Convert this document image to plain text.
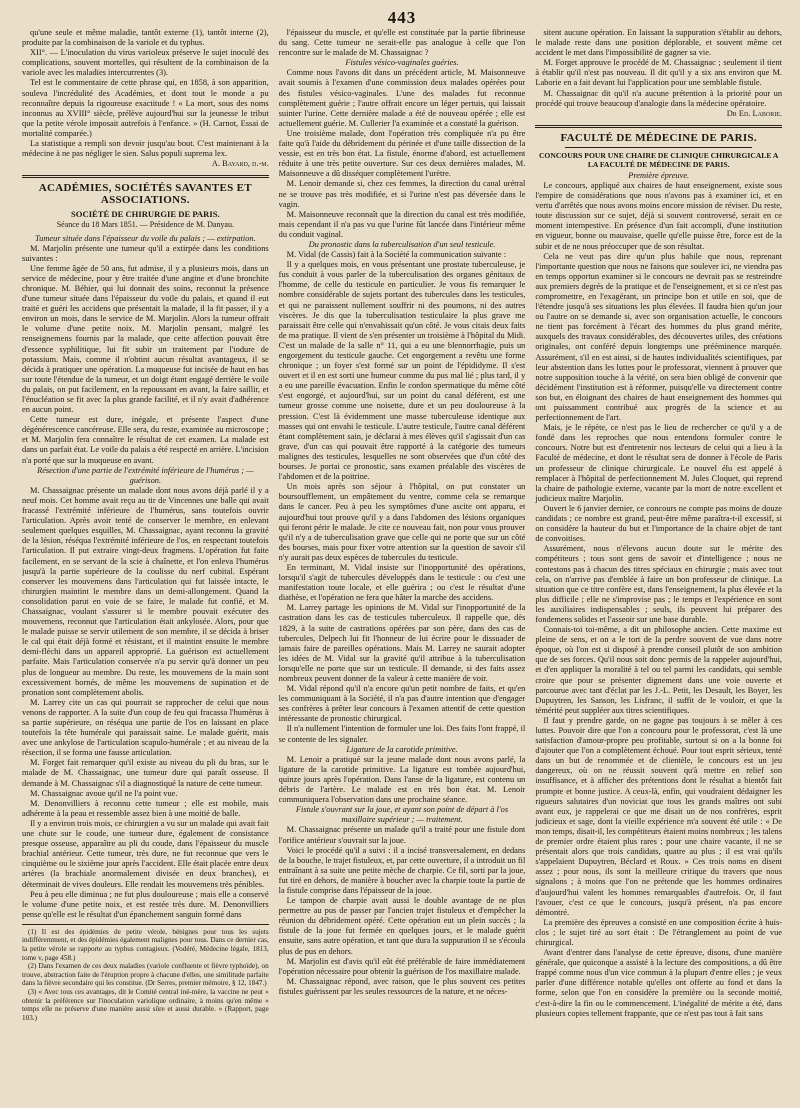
443

qu'une seule et même maladie, tantôt externe (1), tantôt interne (2), produite par la combinaison de la variole et du typhus.

XII°. — L'inoculation du virus varioleux préserve le sujet inoculé des complications, souvent mortelles, qui résultent de la combinaison de la variole avec les maladies intercurrentes (3).

Tel est le commentaire de cette phrase qui, en 1858, à son apparition, souleva l'incrédulité des Académies, et dont tout le monde a pu reconnaître depuis la rigoureuse exactitude ! « La mort, sous des noms inconnus au XVIII° siècle, prélève aujourd'hui sur la jeunesse le tribut que la petite vérole imposait autrefois à l'enfance. » (H. Carnot, Essai de mortalité comparée.)

La statistique a rempli son devoir jusqu'au bout. C'est maintenant à la médecine à ne pas négliger le sien. Salus populi suprema lex.

A. Bayard, d.-m.

ACADÉMIES, SOCIÉTÉS SAVANTES ET ASSOCIATIONS.
SOCIÉTÉ DE CHIRURGIE DE PARIS.
Séance du 18 Mars 1851. — Présidence de M. Danyau.

Tumeur située dans l'épaisseur du voile du palais ; — extirpation.

M. Marjolin présente une tumeur qu'il a extirpée dans les conditions suivantes :

Une femme âgée de 50 ans, fut admise, il y a plusieurs mois, dans un service de médecine, pour y être traitée d'une angine et d'une bronchite chronique. M. Béhier, qui lui donnait des soins, reconnut la présence d'une tumeur située dans l'épaisseur du voile du palais, et quand il eut traité et guéri les accidens que présentait la malade, il la fit passer, il y a environ un mois, dans le service de M. Marjolin. Alors la tumeur offrait le volume d'une petite noix. M. Marjolin pensant, malgré les renseignemens fournis par la malade, que cette affection pouvait être d'essence syphilitique, lui fit subir un traitement par l'iodure de potassium. Mais, comme il n'obtint aucun résultat avantageux, il se décida à pratiquer une opération. La muqueuse fut incisée de haut en bas sur toute l'étendue de la tumeur, et un doigt étant engagé derrière le voile du palais, on put facilement, en la repoussant en avant, la faire saillir, et l'énucléation se fit avec la plus grande facilité, et il n'y avait d'adhérence en aucun point.

Cette tumeur est dure, inégale, et présente l'aspect d'une dégénérescence cancéreuse. Elle sera, du reste, examinée au microscope ; et M. Marjolin fera connaître le résultat de cet examen. La malade est dans un parfait état. Le voile du palais a été respecté en arrière. L'incision n'a porté que sur la muqueuse en avant.

Résection d'une partie de l'extrémité inférieure de l'humérus ; — guérison.

M. Chassaignac présente un malade dont nous avons déjà parlé il y a neuf mois. Cet homme avait reçu au tir de Vincennes une balle qui avait fracassé l'extrémité inférieure de l'humérus, sans toutefois ouvrir l'articulation. Après avoir tenté de conserver le membre, en enlevant seulement quelques esquilles, M. Chassaignac, ayant reconnu la gravité de la lésion, réséqua l'extrémité inférieure de l'os, en respectant toutefois l'articulation. Il put extraire vingt-deux fragmens. L'opération fut faite facilement, en se servant de la scie à chaînette, et l'on enleva l'humérus jusqu'à la partie supérieure de la coulisse du nerf cubital. Espérant conserver les mouvemens dans l'articulation qui fut laissée intacte, le chirurgien maintint le membre dans un demi-allongement. Quand la consolidation parut en voie de se faire, le malade fut confié, et M. Chassaignac, voulant s'assurer si le membre pouvait exécuter des mouvemens, reconnut que l'articulation était ankylosée. Alors, pour que le malade puisse se servir utilement de son membre, il se décida à briser le cal qui était déjà formé et résistant, et il maintint ensuite le membre demi-fléchi dans un appareil approprié. La guérison est actuellement parfaite. Mais l'articulation conservée n'a pu servir qu'à donner un peu plus de longueur au membre. Du reste, les mouvemens de la main sont excessivement bornés, de même les mouvemens de supination et de pronation sont complètement abolis.

M. Larrey cite un cas qui pourrait se rapprocher de celui que nous venons de rapporter. A la suite d'un coup de feu qui fracassa l'humérus à sa partie supérieure, on réséqua une partie de l'os en laissant en place toutefois la tête humérale qui paraissait saine. Le malade guérit, mais avec une ankylose de l'articulation scapulo-humérale ; et au niveau de la résection, il se forma une fausse articulation.

M. Forget fait remarquer qu'il existe au niveau du pli du bras, sur le malade de M. Chassaignac, une tumeur dure qui paraît osseuse. Il demande à M. Chassaignac s'il a diagnostiqué la nature de cette tumeur.

M. Chassaignac avoue qu'il ne l'a point vue.

M. Denonvilliers à reconnu cette tumeur ; elle est mobile, mais adhérente à la peau et ressemble assez bien à une moitié de balle.

Il y a environ trois mois, ce chirurgien a vu sur un malade qui avait fait une chute sur le coude, une tumeur dure, également de consistance presque osseuse, apparaître au pli du coude, dans l'épaisseur du muscle brachial antérieur. Cette tumeur, très dure, ne fut reconnue que vers le cinquième ou le sixième jour après l'accident. Elle était placée entre deux artères (la brachiale anormalement divisée en deux branches), et déterminait de vives douleurs. Elle rendait les mouvemens très pénibles.

Peu à peu elle diminua ; ne fut plus douloureuse ; mais elle a conservé le volume d'une petite noix, et est restée très dure. M. Denonvilliers pense qu'elle est le résultat d'un épanchement sanguin formé dans

(1) Il est des épidémies de petite vérole, bénignes pour tous les sujets indifféremment, et des épidémies également malignes pour tous. Dans ce dernier cas, la petite vérole se rapporte au typhus contagieux. (Vodéré, Médecine légale, 1813, tome v, page 458.)

(2) Dans l'examen de ces deux maladies (variole confluente et fièvre typhoïde), on trouve, abstraction faite de l'éruption propre à chacune d'elles, une similitude parfaite dans la fièvre secondaire qui les constitue. (Dr Serres, premier mémoire, § 12, 1847.)

(3) « Avec tous ces avantages, dit le Comité central iné-mère, la vaccine ne peut » obtenir la préférence sur l'inoculation variolique ordinaire, à moins qu'en même » temps elle ne préserve d'une manière aussi sûre et aussi durable. » (Rapport, page 103.)

l'épaisseur du muscle, et qu'elle est constituée par la partie fibrineuse du sang. Cette tumeur ne serait-elle pas analogue à celle que l'on rencontre sur le malade de M. Chassaignac ?

Fistules vésico-vaginales guéries.

Comme nous l'avons dit dans un précédent article, M. Maisonneuve avait soumis à l'examen d'une commission deux malades opérées pour des fistules vésico-vaginales. L'une des malades fut reconnue complètement guérie ; l'autre offrait encore un léger pertuis, qui laissait suinter l'urine. Cette dernière malade a été de nouveau opérée ; elle est actuellement guérie. M. Cullerier l'a examinée et a constaté la guérison.

Une troisième malade, dont l'opération très compliquée n'a pu être faite qu'à l'aide du débridement du périnée et d'une taille dissection de la vessie, est en très bon état. La fistule, énorme d'abord, est actuellement réduite à une très petite ouverture. Sur ces deux dernières malades, M. Maisonneuve a dû disséquer complètement l'urètre.

M. Lenoir demande si, chez ces femmes, la direction du canal urétral ne se trouve pas très modifiée, et si l'urine n'est pas déversée dans le vagin.

M. Maisonneuve reconnaît que la direction du canal est très modifiée, mais cependant il n'a pas vu que l'urine fût lancée dans l'intérieur même du conduit vaginal.

Du pronostic dans la tuberculisation d'un seul testicule.

M. Vidal (de Cassis) fait à la Société la communication suivante :

Il y a quelques mois, en vous présentant une prostate tuberculeuse, je fus conduit à vous parler de la tuberculisation des organes génitaux de l'homme, de celle du testicule en particulier. Je vous fis remarquer le nombre considérable de sujets portant des tubercules dans les testicules, et qui ne paraissent nullement souffrir ni des poumons, ni des autres viscères. Je dis que la tuberculisation testiculaire la plus grave me paraissait être celle qui n'envahissait qu'un côté. Je vous citais deux faits de ma pratique. Il vient de s'en présenter un troisième à l'hôpital du Midi. C'est un malade de la salle n° 11, qui a eu une blennorrhagie, puis un engorgement du testicule gauche. Cet engorgement a revêtu une forme chronique ; un foyer s'est formé sur un point de l'épididyme. Il s'est ouvert et il en est sorti une humeur comme du pus mal lié ; plus tard, il y a eu une pareille évacuation. Enfin le cordon spermatique du même côté s'est engorgé, et aujourd'hui, sur un point du canal déférent, est une tumeur grosse comme une noisette, dure et un peu douloureuse à la pression. C'est là évidemment une masse tuberculeuse identique aux masses qui ont envahi le testicule. L'autre testicule, l'autre canal déférent étant complètement sain, je déclarai à mes élèves qu'il s'agissait d'un cas grave, d'un cas qui pouvait être rapporté à la catégorie des tumeurs malignes des testicules, lesquelles ne sont observées que d'un côté des bourses. Je portai ce pronostic, sans examen préalable des viscères de l'abdomen et de la poitrine.

Un mois après son séjour à l'hôpital, on put constater un boursoufflement, un empâtement du ventre, comme cela se remarque dans le cancer. Peu à peu les symptômes d'une ascite ont apparu, et aujourd'hui tout prouve qu'il y a dans l'abdomen des lésions organiques qui feront périr le malade. Je cite ce nouveau fait, non pour vous prouver qu'il n'y a de tuberculisation grave que celle qui ne porte que sur un côté des bourses, mais pour fixer votre attention sur la question de savoir s'il n'y aurait pas deux espèces de tubercules du testicule.

En terminant, M. Vidal insiste sur l'inopportunité des opérations, lorsqu'il s'agit de tubercules développés dans le testicule : ou c'est une manifestation toute locale, et elle guérira ; ou c'est le résultat d'une diathèse, et l'opération ne fera que hâter la marche des accidens.

M. Larrey partage les opinions de M. Vidal sur l'inopportunité de la castration dans les cas de testicules tuberculeux. Il rappelle que, dès 1829, à la suite de castrations opérées par son père, dans des cas de tubercules, Delpech lui fit l'honneur de lui écrire pour le dissuader de jamais faire de pareilles opérations. Mais M. Larrey ne saurait adopter les idées de M. Vidal sur la gravité qu'il attribue à la tuberculisation lorsqu'elle ne porte que sur un testicule. Il demande, si des faits assez nombreux peuvent donner de la valeur à cette manière de voir.

M. Vidal répond qu'il n'a encore qu'un petit nombre de faits, et qu'en les communiquant à la Société, il n'a pas d'autre intention que d'engager ses confrères à prêter leur concours à l'examen attentif de cette question intéressante de pronostic chirurgical.

Il n'a nullement l'intention de formuler une loi. Des faits l'ont frappé, il se contente de les signaler.

Ligature de la carotide primitive.

M. Lenoir a pratiqué sur la jeune malade dont nous avons parlé, la ligature de la carotide primitive. La ligature est tombée aujourd'hui, quinze jours après l'opération. Dans l'anse de la ligature, est contenu un débris de l'artère. Le malade est en très bon état. M. Lenoir communiquera l'observation dans une prochaine séance.

Fistule s'ouvrant sur la joue, et ayant son point de départ à l'os maxillaire supérieur ; — traitement.

M. Chassaignac présente un malade qu'il a traité pour une fistule dont l'orifice antérieur s'ouvrait sur la joue.

Voici le procédé qu'il a suivi : il a incisé transversalement, en dedans de la bouche, le trajet fistuleux, et, par cette ouverture, il a introduit un fil entraînant à sa suite une petite mèche de charpie. Ce fil, sorti par la joue, fut tiré en dehors, de manière à boucher avec la charpie toute la partie de la fistule comprise dans l'épaisseur de la joue.

Le tampon de charpie avait aussi le double avantage de ne plus permettre au pus de passer par l'ancien trajet fistuleux et d'empêcher la réunion du débridement opéré. Cette opération eut un plein succès ; la fistule de la joue fut fermée en quelques jours, et le malade guérit ensuite, sans autre opération, et tant que dura la suppuration il se s'écoula plus de pus en dehors.

M. Marjolin est d'avis qu'il eût été préférable de faire immédiatement l'opération nécessaire pour obtenir la guérison de l'os maxillaire malade.

M. Chassaignac répond, avec raison, que le plus souvent ces petites fistules guérissent par les seules ressources de la nature, et ne néces-

sitent aucune opération. En laissant la suppuration s'établir au dehors, le malade reste dans une position déplorable, et souvent même cet accident le met dans l'impossibilité de gagner sa vie.

M. Forget approuve le procédé de M. Chassaignac ; seulement il tient à établir qu'il n'est pas nouveau. Il dit qu'il y a six ans environ que M. Laborie en a fait devant lui l'application pour une semblable fistule.

M. Chassaignac dit qu'il n'a aucune prétention à la priorité pour un procédé qui trouve beaucoup d'analogie dans la médecine opératoire.

Dr Ed. Laborie.

FACULTÉ DE MÉDECINE DE PARIS.
CONCOURS POUR UNE CHAIRE DE CLINIQUE CHIRURGICALE A LA FACULTÉ DE MÉDECINE DE PARIS.

Première épreuve.

Le concours, appliqué aux chaires de haut enseignement, existe sous l'empire de considérations que nous n'avons pas à examiner ici, et en vertu d'arrêtés que nous avons moins encore mission de réviser. Du reste, toute discussion sur ce sujet, déjà si souvent controversé, serait en ce moment intempestive. En présence d'un fait accompli, d'une institution en vigueur, bonne ou mauvaise, quelle qu'elle puisse être, force est de la subir et de ne nous préoccuper que de son résultat.

Cela ne veut pas dire qu'un plus habile que nous, reprenant l'importante question que nous ne faisons que soulever ici, ne viendra pas en temps opportun examiner si le concours ne devrait pas se restreindre aux premiers degrés de la pratique et de l'enseignement, et si ce n'est pas compromettre, en l'exagérant, un principe bon et utile en soi, que de l'étendre jusqu'à ses situations les plus élevées. Il faudra bien qu'un jour ou l'autre on se demande si, avec son organisation actuelle, le concours ne tient pas forcément à l'écart des hommes du plus grand mérite, auxquels des travaux considérables, des découvertes utiles, des créations originales, ont conféré depuis longtemps une prééminence marquée. Assurément, s'il en est ainsi, si de hautes individualités scientifiques, par leur abstention dans les luttes pour le professorat, viennent à prouver que notre supposition touche à la vérité, on sera bien obligé de convenir que décidément l'institution est à réformer, puisqu'elle va directement contre son but, en éloignant des chaires de haut enseignement des hommes qui ont puissamment contribué aux progrès de la science et au perfectionnement de l'art.

Mais, je le répète, ce n'est pas le lieu de rechercher ce qu'il y a de fondé dans les reproches que nous entendons formuler contre le concours. Notre but est d'entretenir nos lecteurs de celui qui a lieu à la Faculté de médecine, et dont le résultat sera de donner à l'école de Paris un professeur de clinique chirurgicale. Le nouvel élu est appelé à remplacer à l'hôpital de perfectionnement M. Jules Cloquet, qui reprend la chaire de pathologie externe, vacante par la mort de notre excellent et judicieux maître Marjolin.

Ouvert le 6 janvier dernier, ce concours ne compte pas moins de douze candidats ; ce nombre est grand, peut-être même paraîtra-t-il excessif, si on considère la hauteur du but et l'importance de la chaire objet de tant de convoitises.

Assurément, nous n'élevons aucun doute sur le mérite des compétiteurs ; tous sont gens de savoir et d'intelligence ; nous ne contestons pas à chacun des titres spéciaux en chirurgie ; mais avec tout cela, on n'arrive pas d'emblée à faire un bon professeur de clinique. La situation que ce titre confère est, dans l'enseignement, la plus élevée et la plus difficile ; elle ne s'improvise pas ; le temps et l'expérience en sont les auxiliaires indispensables ; seuls, ils peuvent lui préparer des fondemens solides et l'asseoir sur une base durable.

Connais-toi toi-même, a dit un philosophe ancien. Cette maxime est pleine de sens, et on a le tort de la perdre souvent de vue dans notre époque, où l'on est si disposé à prendre conseil plutôt de son ambition que de ses forces. Qu'il nous soit donc permis de la rappeler aujourd'hui, et d'en appliquer la moralité à tel ou tel parmi les candidats, qui semble croire que pour se présenter dignement dans une voie ouverte et parcourue avec tant d'éclat par les J.-L. Petit, les Desault, les Boyer, les Dupuytren, les Sanson, les Lisfranc, il suffit de le vouloir, et que la témérité peut suppléer aux titres scientifiques.

Il faut y prendre garde, on ne gagne pas toujours à se mêler à ces luttes. Pouvoir dire que l'on a concouru pour le professorat, c'est là une satisfaction d'amour-propre peu profitable, surtout si on a la bonne foi d'ajouter que l'on a complètement échoué. Pour tout esprit sérieux, tenté dans un but de renommée et de clientèle, le concours est un jeu dangereux, où on ne réussit souvent qu'à mettre en relief son insuffisance, et à afficher des prétentions dont le résultat a bientôt fait prompte et bonne justice. A ceux-là, enfin, qui voudraient dédaigner les rigueurs salutaires d'un noviciat que tous les grands maîtres ont subi avant eux, je rappelerai ce que me disait un de nos confrères, esprit judicieux et sage, dont la vieille expérience m'a souvent été utile : « De mon temps, disait-il, les compétiteurs étaient moins nombreux ; les talens de premier ordre étaient plus rares ; pour une chaire vacante, il ne se présentait alors que trois candidats, quatre au plus ; il est vrai qu'ils s'appelaient Dupuytren, Béclard et Roux. » Ces trois noms en disent assez ; pour nous, ils sont la meilleure critique du travers que nous signalons ; à moins que l'on ne prétende que les hommes ordinaires d'aujourd'hui valent les hommes remarquables d'autrefois. Or, il faut l'avouer, c'est ce que le concours, jusqu'à présent, n'a pas encore démontré.

La première des épreuves a consisté en une composition écrite à huis-clos ; le sujet tiré au sort était : De l'étranglement au point de vue chirurgical.

Avant d'entrer dans l'analyse de cette épreuve, disons, d'une manière générale, que quiconque a assisté à la lecture des compositions, a dû être frappé comme nous d'un vice commun à la plupart d'entre elles ; je veux parler d'une différence notable qu'elles ont offerte au fond et dans la forme, selon que l'on en considère la première ou la seconde moitié, c'est-à-dire la fin ou le commencement. L'inégalité de mérite a été, dans plusieurs copies tellement frappante, que ce n'est pas tout à fait sans
